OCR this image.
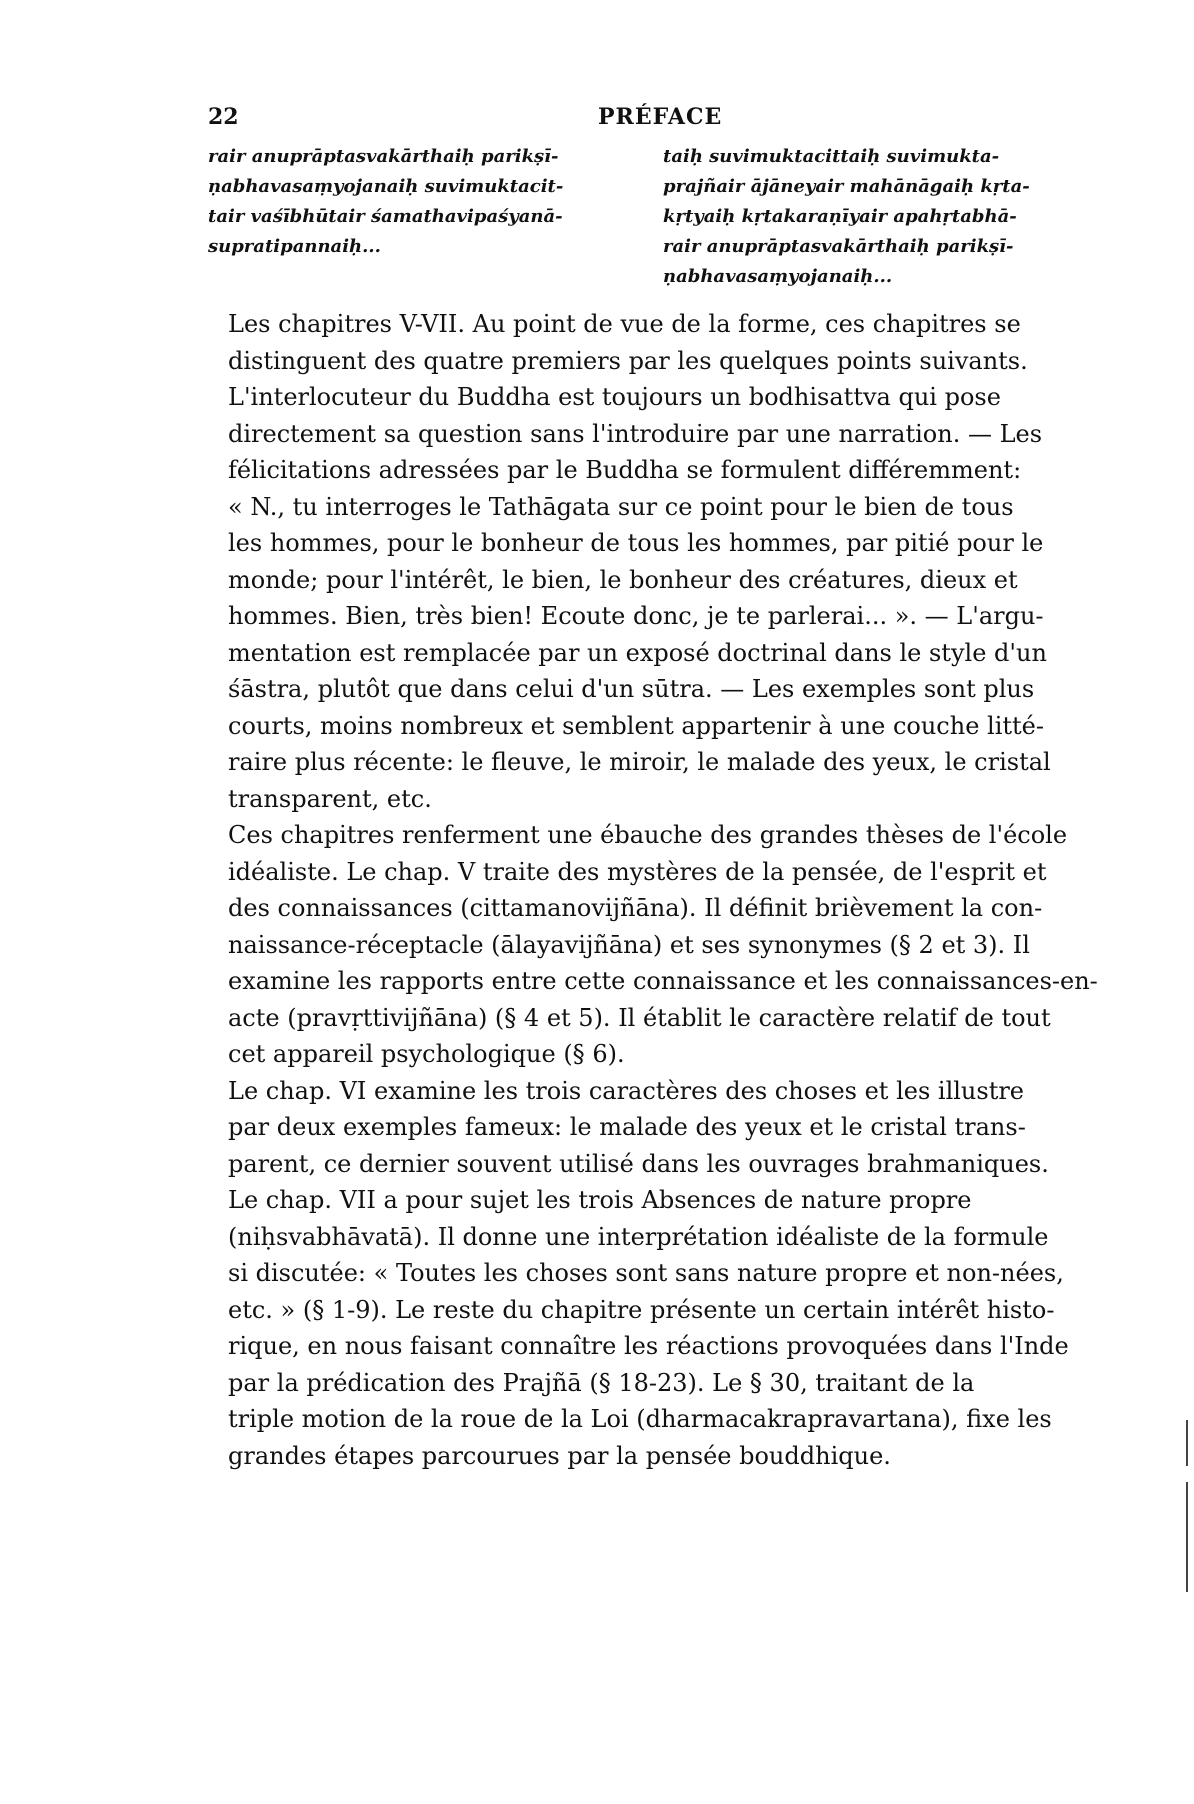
22	PRÉFACE
rair anuprāptasvakārthaiḥ parikṣī-
ṇabhavasaṃyojanaiḥ suvimuktacit-
tair vaśībhūtair śamathavipaśyanā-
supratipannaiḥ...
taiḥ suvimuktacittaiḥ suvimukta-
prajñair ājāneyair mahānāgaiḥ kṛta-
kṛtyaiḥ kṛtakaraṇīyair apahṛtabhā-
rair anuprāptasvakārthaiḥ parikṣī-
ṇabhavasaṃyojanaiḥ...

Les chapitres V-VII. Au point de vue de la forme, ces chapitres se
distinguent des quatre premiers par les quelques points suivants.
L'interlocuteur du Buddha est toujours un bodhisattva qui pose
directement sa question sans l'introduire par une narration. — Les
félicitations adressées par le Buddha se formulent différemment:
« N., tu interroges le Tathāgata sur ce point pour le bien de tous
les hommes, pour le bonheur de tous les hommes, par pitié pour le
monde; pour l'intérêt, le bien, le bonheur des créatures, dieux et
hommes. Bien, très bien! Ecoute donc, je te parlerai... ». — L'argu-
mentation est remplacée par un exposé doctrinal dans le style d'un
śāstra, plutôt que dans celui d'un sūtra. — Les exemples sont plus
courts, moins nombreux et semblent appartenir à une couche litté-
raire plus récente: le fleuve, le miroir, le malade des yeux, le cristal
transparent, etc.

Ces chapitres renferment une ébauche des grandes thèses de l'école
idéaliste. Le chap. V traite des mystères de la pensée, de l'esprit et
des connaissances (cittamanovijñāna). Il définit brièvement la con-
naissance-réceptacle (ālayavijñāna) et ses synonymes (§ 2 et 3). Il
examine les rapports entre cette connaissance et les connaissances-en-
acte (pravṛttivijñāna) (§ 4 et 5). Il établit le caractère relatif de tout
cet appareil psychologique (§ 6).

Le chap. VI examine les trois caractères des choses et les illustre
par deux exemples fameux: le malade des yeux et le cristal trans-
parent, ce dernier souvent utilisé dans les ouvrages brahmaniques.

Le chap. VII a pour sujet les trois Absences de nature propre
(niḥsvabhāvatā). Il donne une interprétation idéaliste de la formule
si discutée: « Toutes les choses sont sans nature propre et non-nées,
etc. » (§ 1-9). Le reste du chapitre présente un certain intérêt histo-
rique, en nous faisant connaître les réactions provoquées dans l'Inde
par la prédication des Prajñā (§ 18-23). Le § 30, traitant de la
triple motion de la roue de la Loi (dharmacakrapravartana), fixe les
grandes étapes parcourues par la pensée bouddhique.
